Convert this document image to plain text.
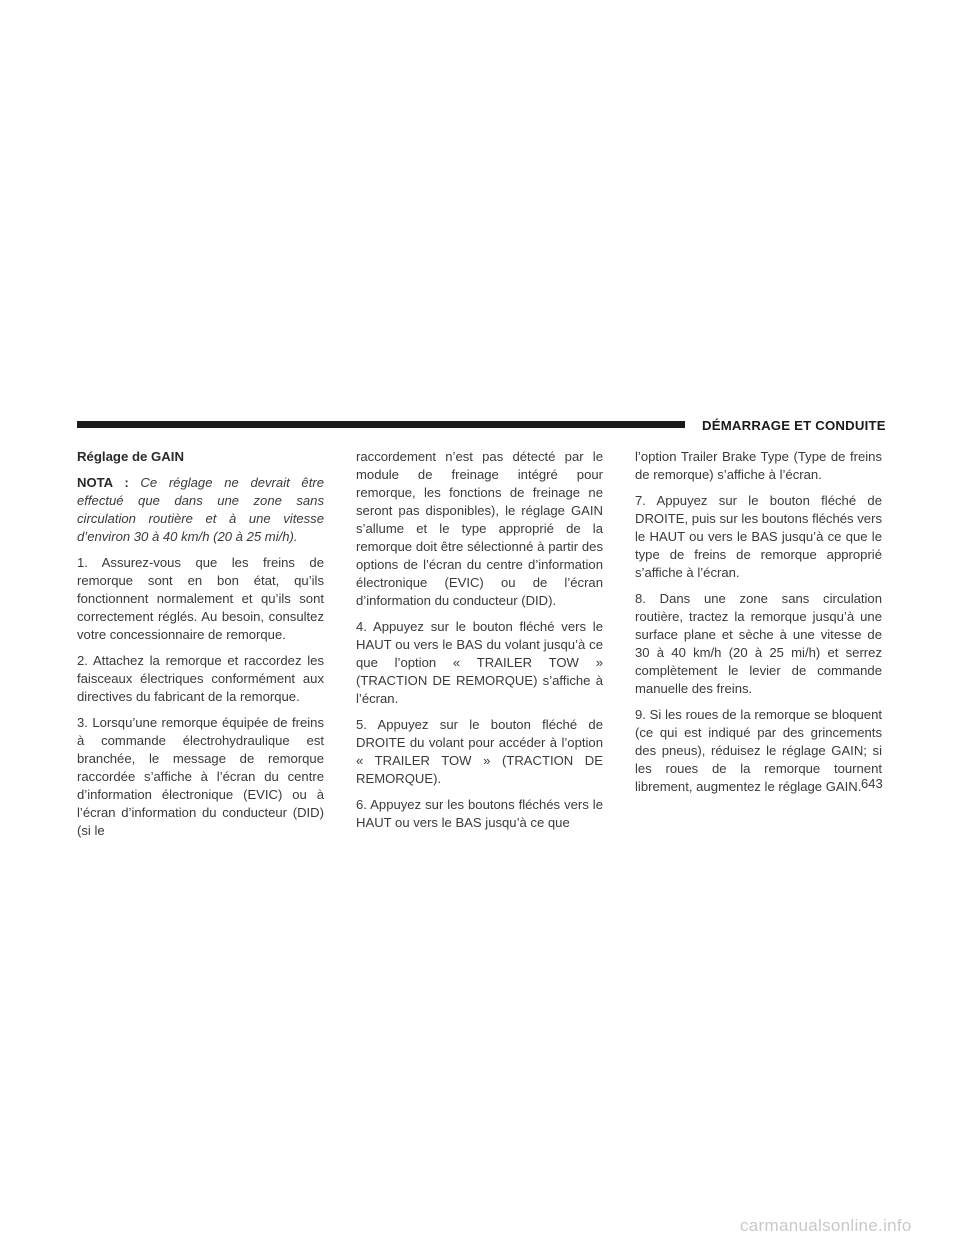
DÉMARRAGE ET CONDUITE
Réglage de GAIN

NOTA : Ce réglage ne devrait être effectué que dans une zone sans circulation routière et à une vitesse d’environ 30 à 40 km/h (20 à 25 mi/h).

1. Assurez-vous que les freins de remorque sont en bon état, qu’ils fonctionnent normalement et qu’ils sont correctement réglés. Au besoin, consultez votre concessionnaire de remorque.

2. Attachez la remorque et raccordez les faisceaux électriques conformément aux directives du fabricant de la remorque.

3. Lorsqu’une remorque équipée de freins à commande électrohydraulique est branchée, le message de remorque raccordée s’affiche à l’écran du centre d’information électronique (EVIC) ou à l’écran d’information du conducteur (DID) (si le

raccordement n’est pas détecté par le module de freinage intégré pour remorque, les fonctions de freinage ne seront pas disponibles), le réglage GAIN s’allume et le type approprié de la remorque doit être sélectionné à partir des options de l’écran du centre d’information électronique (EVIC) ou de l’écran d’information du conducteur (DID).

4. Appuyez sur le bouton fléché vers le HAUT ou vers le BAS du volant jusqu’à ce que l’option « TRAILER TOW » (TRACTION DE REMORQUE) s’affiche à l’écran.

5. Appuyez sur le bouton fléché de DROITE du volant pour accéder à l’option « TRAILER TOW » (TRACTION DE REMORQUE).

6. Appuyez sur les boutons fléchés vers le HAUT ou vers le BAS jusqu’à ce que

l’option Trailer Brake Type (Type de freins de remorque) s’affiche à l’écran.

7. Appuyez sur le bouton fléché de DROITE, puis sur les boutons fléchés vers le HAUT ou vers le BAS jusqu’à ce que le type de freins de remorque approprié s’affiche à l’écran.

8. Dans une zone sans circulation routière, tractez la remorque jusqu’à une surface plane et sèche à une vitesse de 30 à 40 km/h (20 à 25 mi/h) et serrez complètement le levier de commande manuelle des freins.

9. Si les roues de la remorque se bloquent (ce qui est indiqué par des grincements des pneus), réduisez le réglage GAIN; si les roues de la remorque tournent librement, augmentez le réglage GAIN. 643
carmanualsonline.info
